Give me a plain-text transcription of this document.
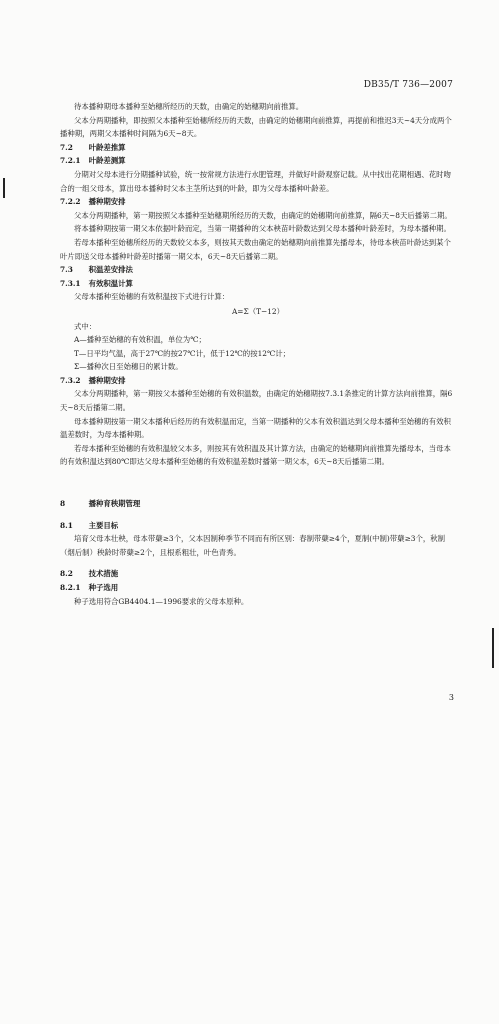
DB35/T 736—2007

待本播种期母本播种至始穗所经历的天数，由确定的始穗期向前推算。

父本分两期播种，即按照父本播种至始穗所经历的天数，由确定的始穗期向前推算，再提前和推迟3天~4天分成两个播种期，两期父本播种时间隔为6天~8天。

7.2 叶龄差推算

7.2.1 叶龄差测算

分期对父母本进行分期播种试验，统一按常规方法进行水肥管理，并做好叶龄观察记载。从中找出花期相遇、花时吻合的一组父母本，算出母本播种时父本主茎所达到的叶龄，即为父母本播种叶龄差。

7.2.2 播种期安排

父本分两期播种，第一期按照父本播种至始穗期所经历的天数，由确定的始穗期向前推算，隔6天~8天后播第二期。

将本播种期按第一期父本依据叶龄而定，当第一期播种的父本秧苗叶龄数达到父母本播种叶龄差时，为母本播种期。

若母本播种至始穗所经历的天数较父本多，则按其天数由确定的始穗期向前推算先播母本，待母本秧苗叶龄达到某个叶片即送父母本播种叶龄差时播第一期父本，6天~8天后播第二期。

7.3 积温差安排法

7.3.1 有效积温计算

父母本播种至始穗的有效积温按下式进行计算：

A=Σ（T−12）

式中：

A—播种至始穗的有效积温，单位为℃；

T—日平均气温，高于27℃的按27℃计，低于12℃的按12℃计；

Σ—播种次日至始穗日的累计数。

7.3.2 播种期安排

父本分两期播种，第一期按父本播种至始穗的有效积温数，由确定的始穗期按7.3.1条推定的计算方法向前推算，隔6天~8天后播第二期。

母本播种期按第一期父本播种后经历的有效积温而定，当第一期播种的父本有效积温达到父母本播种至始穗的有效积温差数时，为母本播种期。

若母本播种至始穗的有效积温较父本多，则按其有效积温及其计算方法，由确定的始穗期向前推算先播母本，当母本的有效积温达到80℃即达父母本播种至始穗的有效积温差数时播第一期父本，6天~8天后播第二期。

8	播种育秧期管理

8.1 主要目标

培育父母本壮秧，母本带蘖≥3个，父本因制种季节不同而有所区别：春制带蘖≥4个，夏制(中制)带蘖≥3个，秋制（烟后制）秧龄时带蘖≥2个，且根系粗壮，叶色青秀。

8.2 技术措施

8.2.1 种子选用

种子选用符合GB4404.1—1996要求的父母本原种。

3
